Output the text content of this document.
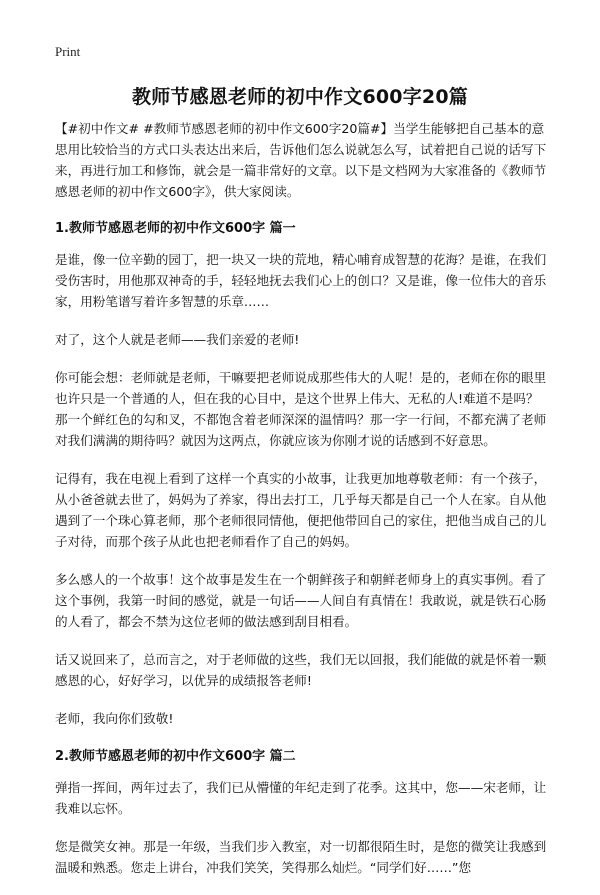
Print
教师节感恩老师的初中作文600字20篇

【#初中作文# #教师节感恩老师的初中作文600字20篇#】当学生能够把自己基本的意思用比较恰当的方式口头表达出来后，告诉他们怎么说就怎么写，试着把自己说的话写下来，再进行加工和修饰，就会是一篇非常好的文章。以下是文档网为大家准备的《教师节感恩老师的初中作文600字》，供大家阅读。

1.教师节感恩老师的初中作文600字 篇一

是谁，像一位辛勤的园丁，把一块又一块的荒地，精心哺育成智慧的花海？是谁，在我们受伤害时，用他那双神奇的手，轻轻地抚去我们心上的创口？又是谁，像一位伟大的音乐家，用粉笔谱写着许多智慧的乐章……

对了，这个人就是老师——我们亲爱的老师!

你可能会想：老师就是老师，干嘛要把老师说成那些伟大的人呢！是的，老师在你的眼里也许只是一个普通的人，但在我的心目中，是这个世界上伟大、无私的人!难道不是吗？那一个鲜红色的勾和叉，不都饱含着老师深深的温情吗？那一字一行间，不都充满了老师对我们满满的期待吗？就因为这两点，你就应该为你刚才说的话感到不好意思。

记得有，我在电视上看到了这样一个真实的小故事，让我更加地尊敬老师：有一个孩子，从小爸爸就去世了，妈妈为了养家，得出去打工，几乎每天都是自己一个人在家。自从他遇到了一个珠心算老师，那个老师很同情他，便把他带回自己的家住，把他当成自己的儿子对待，而那个孩子从此也把老师看作了自己的妈妈。

多么感人的一个故事！这个故事是发生在一个朝鲜孩子和朝鲜老师身上的真实事例。看了这个事例，我第一时间的感觉，就是一句话——人间自有真情在！我敢说，就是铁石心肠的人看了，都会不禁为这位老师的做法感到刮目相看。

话又说回来了，总而言之，对于老师做的这些，我们无以回报，我们能做的就是怀着一颗感恩的心，好好学习，以优异的成绩报答老师!

老师，我向你们致敬!

2.教师节感恩老师的初中作文600字 篇二

弹指一挥间，两年过去了，我们已从懵懂的年纪走到了花季。这其中，您——宋老师，让我难以忘怀。

您是微笑女神。那是一年级，当我们步入教室，对一切都很陌生时，是您的微笑让我感到温暖和熟悉。您走上讲台，冲我们笑笑，笑得那么灿烂。“同学们好……”您
